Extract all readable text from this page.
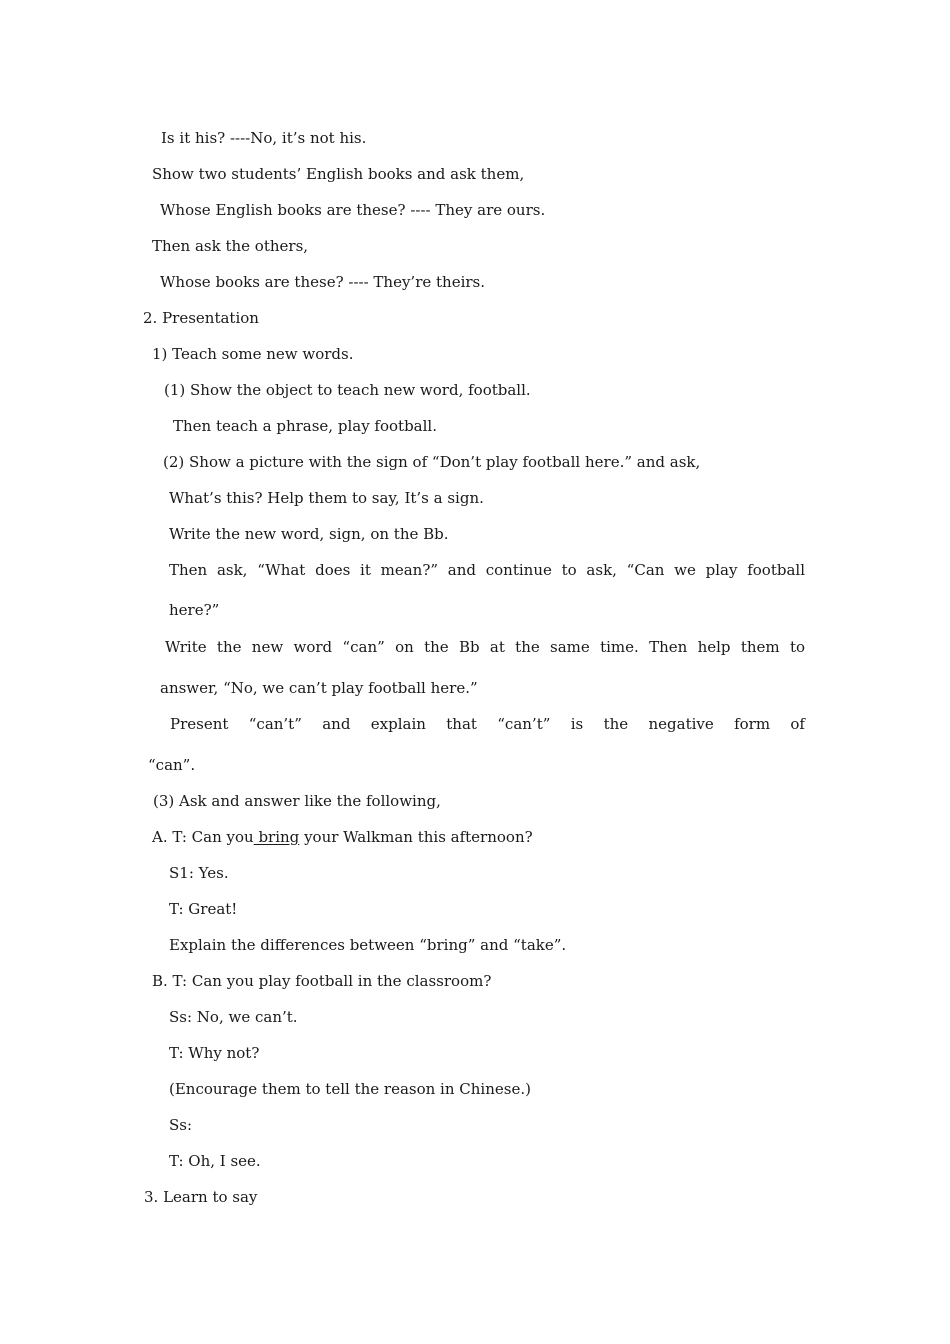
Is it his? ----No, it’s not his.

Show two students’ English books and ask them,

Whose English books are these? ---- They are ours.

Then ask the others,

Whose books are these? ---- They’re theirs.

2. Presentation

1) Teach some new words.

(1) Show the object to teach new word, football.

Then teach a phrase, play football.

(2) Show a picture with the sign of “Don’t play football here.” and ask,

What’s this? Help them to say, It’s a sign.

Write the new word, sign, on the Bb.

Then ask, “What does it mean?” and continue to ask, “Can we play football

here?”

Write the new word “can” on the Bb at the same time. Then help them to

answer, “No, we can’t play football here.”

Present “can’t” and explain that “can’t” is the negative form of

“can”.

(3) Ask and answer like the following,

A. T: Can you bring your Walkman this afternoon?

S1: Yes.

T: Great!

Explain the differences between “bring” and “take”.

B. T: Can you play football in the classroom?

Ss: No, we can’t.

T: Why not?

(Encourage them to tell the reason in Chinese.)

Ss:

T: Oh, I see.

3. Learn to say
